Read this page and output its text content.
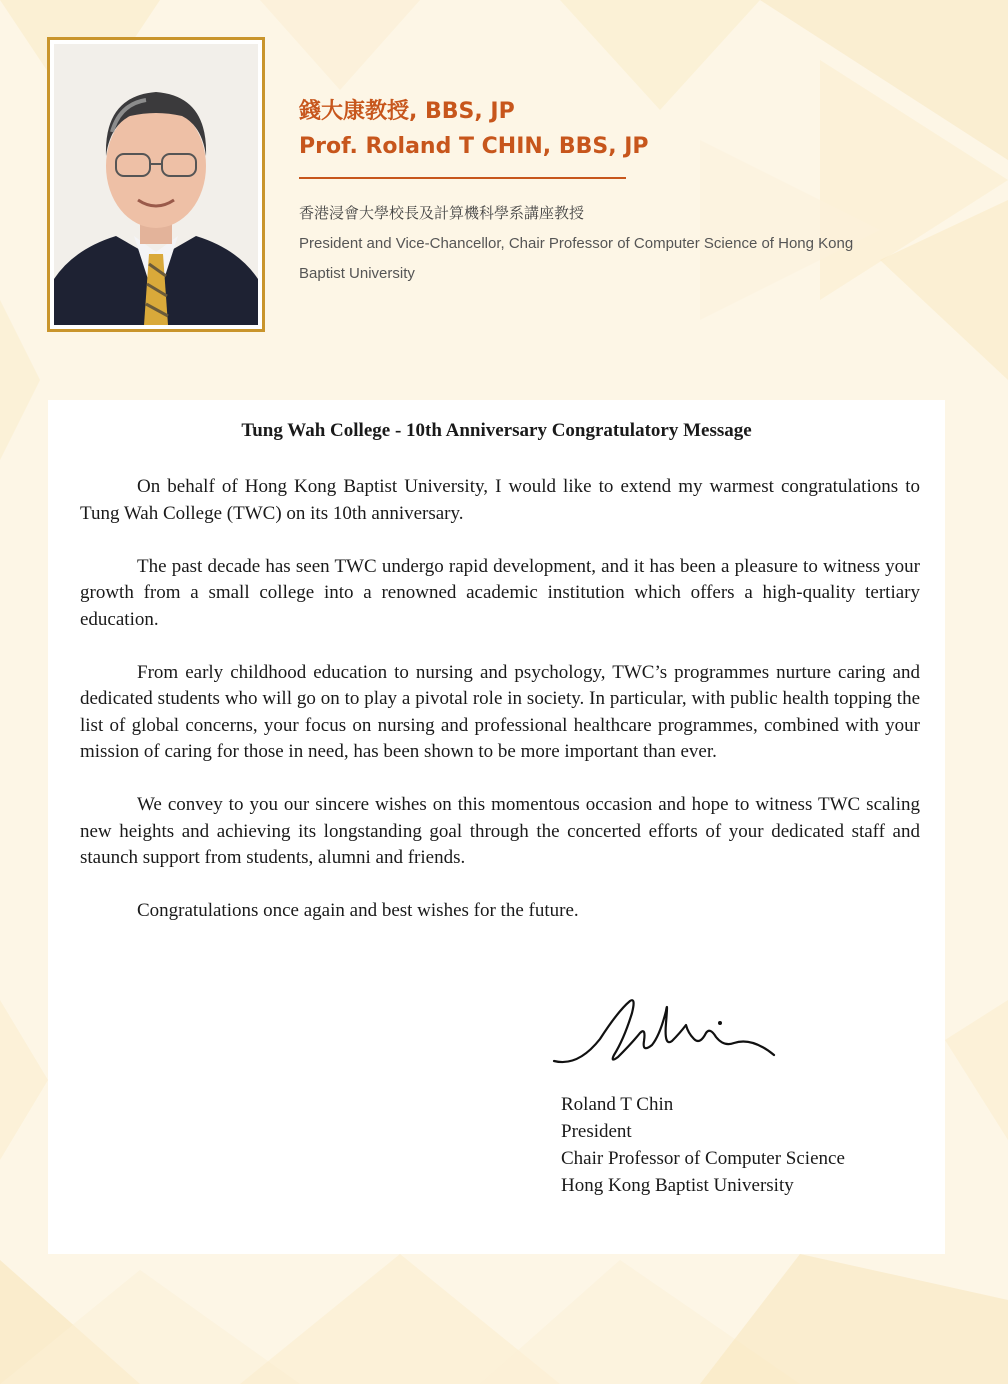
錢大康教授, BBS, JP
Prof. Roland T CHIN, BBS, JP
香港浸會大學校長及計算機科學系講座教授
President and Vice-Chancellor, Chair Professor of Computer Science of Hong Kong Baptist University
Tung Wah College - 10th Anniversary Congratulatory Message

On behalf of Hong Kong Baptist University, I would like to extend my warmest congratulations to Tung Wah College (TWC) on its 10th anniversary.

The past decade has seen TWC undergo rapid development, and it has been a pleasure to witness your growth from a small college into a renowned academic institution which offers a high-quality tertiary education.

From early childhood education to nursing and psychology, TWC’s programmes nurture caring and dedicated students who will go on to play a pivotal role in society. In particular, with public health topping the list of global concerns, your focus on nursing and professional healthcare programmes, combined with your mission of caring for those in need, has been shown to be more important than ever.

We convey to you our sincere wishes on this momentous occasion and hope to witness TWC scaling new heights and achieving its longstanding goal through the concerted efforts of your dedicated staff and staunch support from students, alumni and friends.

Congratulations once again and best wishes for the future.

Roland T Chin
President
Chair Professor of Computer Science
Hong Kong Baptist University
